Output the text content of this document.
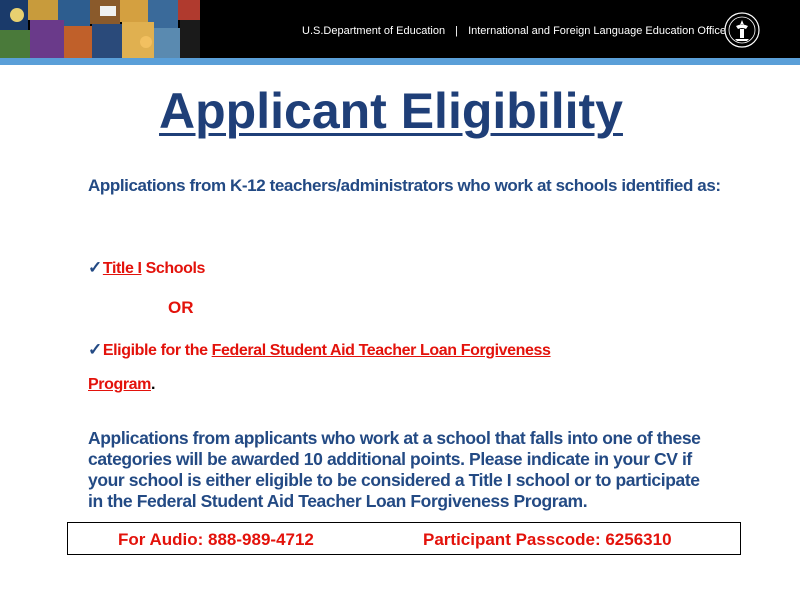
U.S.Department of Education | International and Foreign Language Education Office
Applicant Eligibility
Applications from K-12 teachers/administrators who work at schools identified as:
✓Title I Schools
OR
✓Eligible for the Federal Student Aid Teacher Loan Forgiveness
Program.
Applications from applicants who work at a school that falls into one of these categories will be awarded 10 additional points. Please indicate in your CV if your school is either eligible to be considered a Title I school or to participate in the Federal Student Aid Teacher Loan Forgiveness Program.
For Audio: 888-989-4712	Participant Passcode: 6256310
